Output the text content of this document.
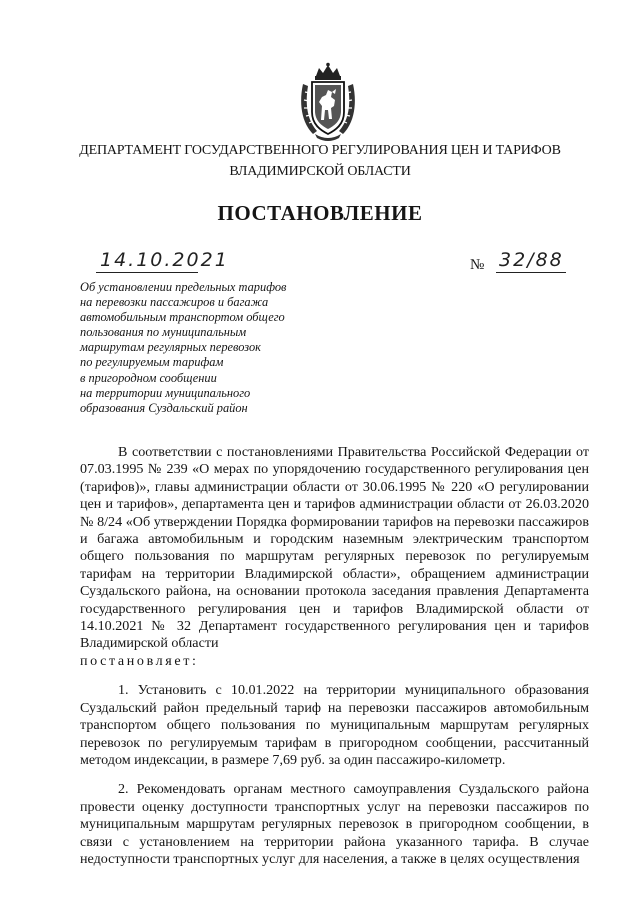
ДЕПАРТАМЕНТ ГОСУДАРСТВЕННОГО РЕГУЛИРОВАНИЯ ЦЕН И ТАРИФОВ
ВЛАДИМИРСКОЙ ОБЛАСТИ
ПОСТАНОВЛЕНИЕ
14.10.2021	№ 32/88
Об установлении предельных тарифов
на перевозки пассажиров и багажа
автомобильным транспортом общего
пользования по муниципальным
маршрутам регулярных перевозок
по регулируемым тарифам
в пригородном сообщении
на территории муниципального
образования Суздальский район

В соответствии с постановлениями Правительства Российской Федерации от 07.03.1995 № 239 «О мерах по упорядочению государственного регулирования цен (тарифов)», главы администрации области от 30.06.1995 № 220 «О регулировании цен и тарифов», департамента цен и тарифов администрации области от 26.03.2020 № 8/24 «Об утверждении Порядка формировании тарифов на перевозки пассажиров и багажа автомобильным и городским наземным электрическим транспортом общего пользования по маршрутам регулярных перевозок по регулируемым тарифам на территории Владимирской области», обращением администрации Суздальского района, на основании протокола заседания правления Департамента государственного регулирования цен и тарифов Владимирской области от 14.10.2021 № 32 Департамент государственного регулирования цен и тарифов Владимирской области

постановляет:

1. Установить с 10.01.2022 на территории муниципального образования Суздальский район предельный тариф на перевозки пассажиров автомобильным транспортом общего пользования по муниципальным маршрутам регулярных перевозок по регулируемым тарифам в пригородном сообщении, рассчитанный методом индексации, в размере 7,69 руб. за один пассажиро-километр.

2. Рекомендовать органам местного самоуправления Суздальского района провести оценку доступности транспортных услуг на перевозки пассажиров по муниципальным маршрутам регулярных перевозок в пригородном сообщении, в связи с установлением на территории района указанного тарифа. В случае недоступности транспортных услуг для населения, а также в целях осуществления
